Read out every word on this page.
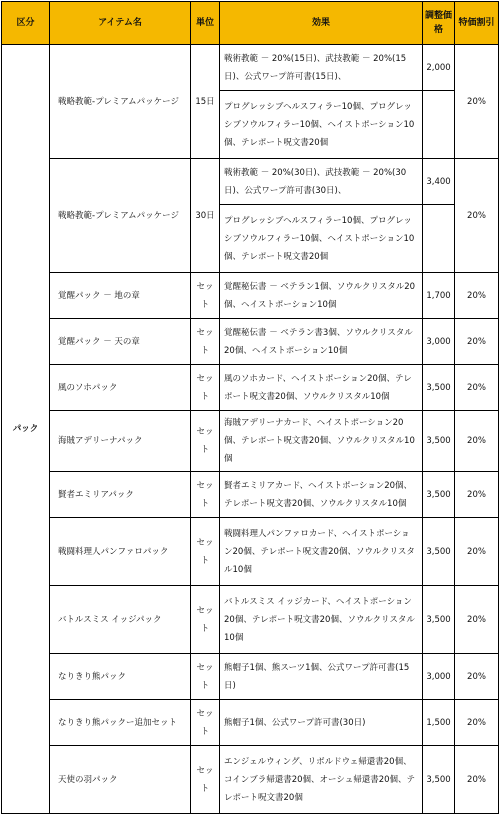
区分	アイテム名	単位	効果	調整価格	特価割引
パック	戦略教範-プレミアムパッケージ	15日	戦術教範 － 20%(15日)、武技教範 － 20%(15日)、公式ワープ許可書(15日)、	2,000	20%
			プログレッシブヘルスフィラー10個、プログレッシブソウルフィラー10個、ヘイストポーション10個、テレポート呪文書20個		
	戦略教範-プレミアムパッケージ	30日	戦術教範 － 20%(30日)、武技教範 － 20%(30日)、公式ワープ許可書(30日)、	3,400	20%
			プログレッシブヘルスフィラー10個、プログレッシブソウルフィラー10個、ヘイストポーション10個、テレポート呪文書20個		
	覚醒パック － 地の章	セット	覚醒秘伝書 － ベテラン1個、ソウルクリスタル20個、ヘイストポーション10個	1,700	20%
	覚醒パック － 天の章	セット	覚醒秘伝書 － ベテラン書3個、ソウルクリスタル20個、ヘイストポーション10個	3,000	20%
	風のソホパック	セット	風のソホカード、ヘイストポーション20個、テレポート呪文書20個、ソウルクリスタル10個	3,500	20%
	海賊アデリーナパック	セット	海賊アデリーナカード、ヘイストポーション20個、テレポート呪文書20個、ソウルクリスタル10個	3,500	20%
	賢者エミリアパック	セット	賢者エミリアカード、ヘイストポーション20個、テレポート呪文書20個、ソウルクリスタル10個	3,500	20%
	戦闘料理人パンファロパック	セット	戦闘料理人パンファロカード、ヘイストポーション20個、テレポート呪文書20個、ソウルクリスタル10個	3,500	20%
	バトルスミス イッジパック	セット	バトルスミス イッジカード、ヘイストポーション20個、テレポート呪文書20個、ソウルクリスタル10個	3,500	20%
	なりきり熊パック	セット	熊帽子1個、熊スーツ1個、公式ワープ許可書(15日)	3,000	20%
	なりきり熊パックー追加セット	セット	熊帽子1個、公式ワープ許可書(30日)	1,500	20%
	天使の羽パック	セット	エンジェルウィング、リボルドウェ帰還書20個、コインブラ帰還書20個、オーシュ帰還書20個、テレポート呪文書20個	3,500	20%
